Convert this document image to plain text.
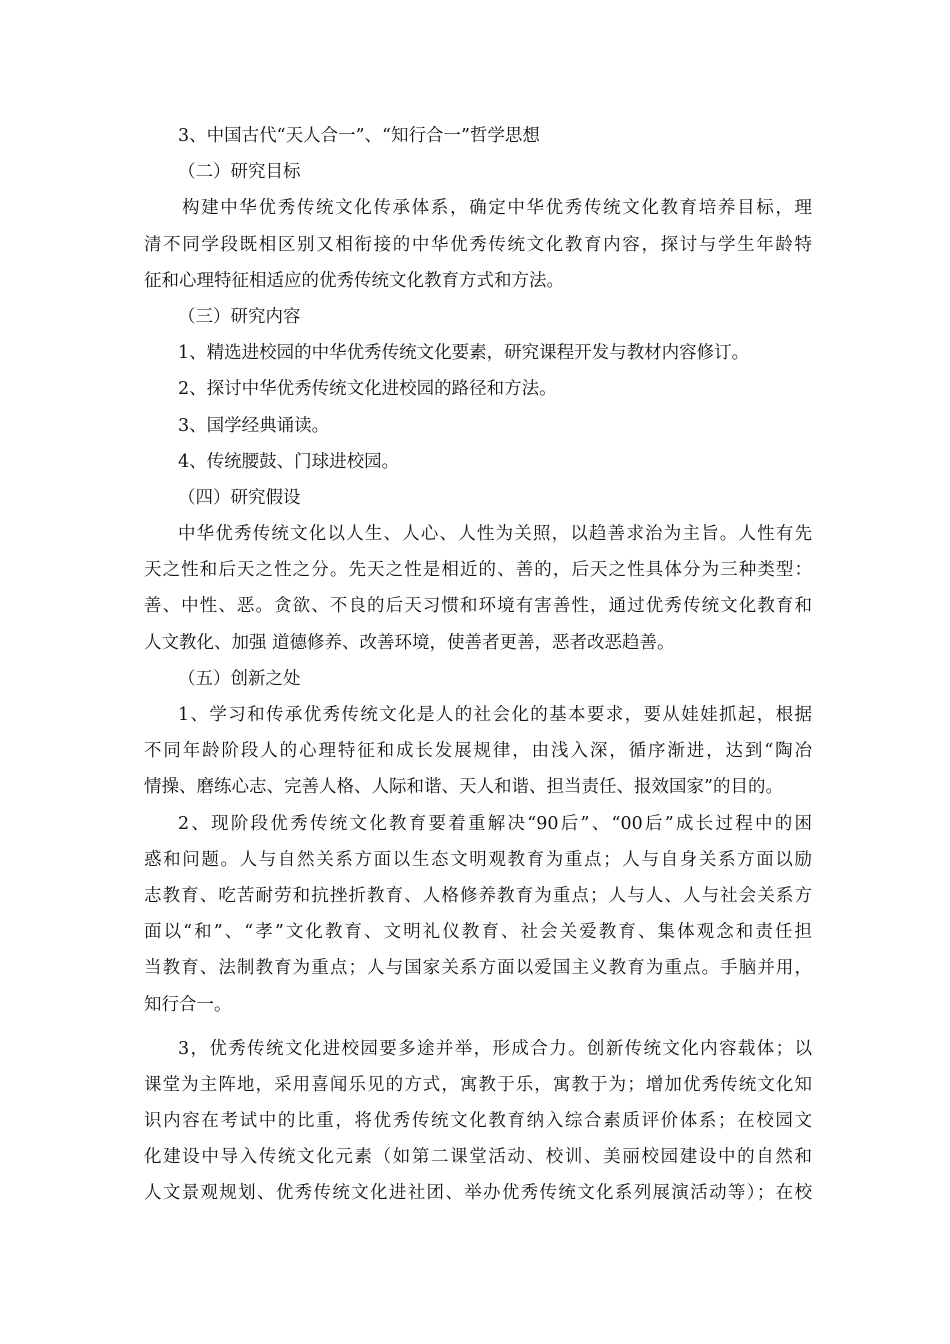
3、中国古代“天人合一”、“知行合一”哲学思想
（二）研究目标
构建中华优秀传统文化传承体系，确定中华优秀传统文化教育培养目标，理
清不同学段既相区别又相衔接的中华优秀传统文化教育内容，探讨与学生年龄特
征和心理特征相适应的优秀传统文化教育方式和方法。
（三）研究内容
1、精选进校园的中华优秀传统文化要素，研究课程开发与教材内容修订。
2、探讨中华优秀传统文化进校园的路径和方法。
3、国学经典诵读。
4、传统腰鼓、门球进校园。
（四）研究假设
中华优秀传统文化以人生、人心、人性为关照，以趋善求治为主旨。人性有先
天之性和后天之性之分。先天之性是相近的、善的，后天之性具体分为三种类型：
善、中性、恶。贪欲、不良的后天习惯和环境有害善性，通过优秀传统文化教育和
人文教化、加强 道德修养、改善环境，使善者更善，恶者改恶趋善。
（五）创新之处
1、学习和传承优秀传统文化是人的社会化的基本要求，要从娃娃抓起，根据
不同年龄阶段人的心理特征和成长发展规律，由浅入深，循序渐进，达到“陶冶
情操、磨练心志、完善人格、人际和谐、天人和谐、担当责任、报效国家”的目的。
2、现阶段优秀传统文化教育要着重解决“90后”、“00后”成长过程中的困
惑和问题。人与自然关系方面以生态文明观教育为重点；人与自身关系方面以励
志教育、吃苦耐劳和抗挫折教育、人格修养教育为重点；人与人、人与社会关系方
面以“和”、“孝”文化教育、文明礼仪教育、社会关爱教育、集体观念和责任担
当教育、法制教育为重点；人与国家关系方面以爱国主义教育为重点。手脑并用，
知行合一。
3，优秀传统文化进校园要多途并举，形成合力。创新传统文化内容载体；以
课堂为主阵地，采用喜闻乐见的方式，寓教于乐，寓教于为；增加优秀传统文化知
识内容在考试中的比重，将优秀传统文化教育纳入综合素质评价体系；在校园文
化建设中导入传统文化元素（如第二课堂活动、校训、美丽校园建设中的自然和
人文景观规划、优秀传统文化进社团、举办优秀传统文化系列展演活动等）；在校
